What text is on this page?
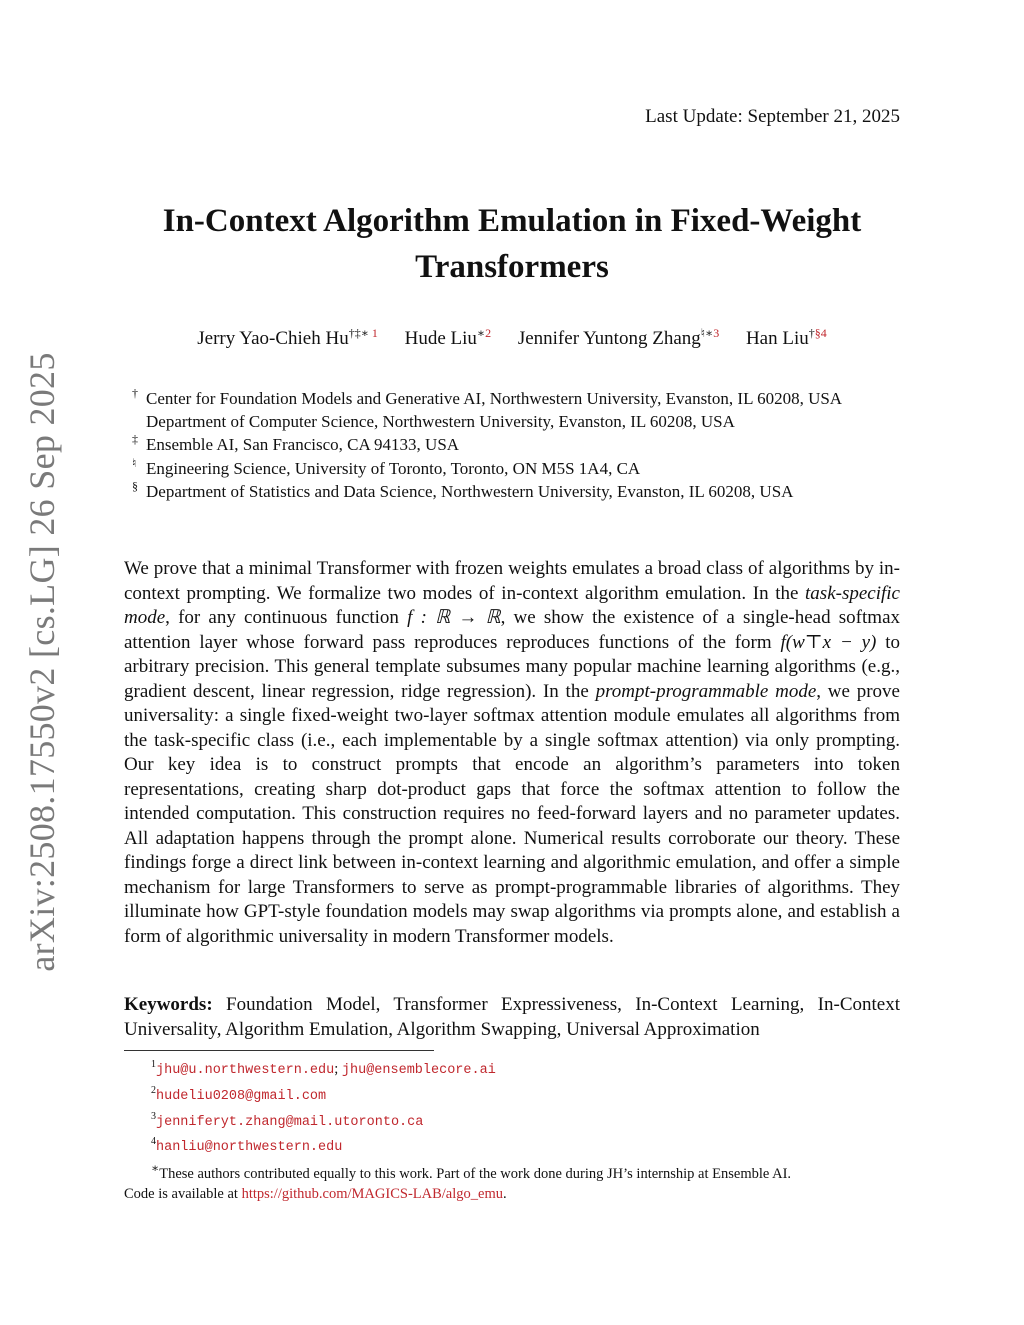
arXiv:2508.17550v2 [cs.LG] 26 Sep 2025
Last Update: September 21, 2025
In-Context Algorithm Emulation in Fixed-Weight
Transformers
Jerry Yao-Chieh Hu†‡∗ $^1$ Hude Liu$^{∗2}$ Jennifer Yuntong Zhang$^{♮∗3}$ Han Liu$^{\dagger\S 4}$
† Center for Foundation Models and Generative AI, Northwestern University, Evanston, IL 60208, USA
Department of Computer Science, Northwestern University, Evanston, IL 60208, USA
‡ Ensemble AI, San Francisco, CA 94133, USA
♮ Engineering Science, University of Toronto, Toronto, ON M5S 1A4, CA
§ Department of Statistics and Data Science, Northwestern University, Evanston, IL 60208, USA
We prove that a minimal Transformer with frozen weights emulates a broad class of algorithms by in-context prompting. We formalize two modes of in-context algorithm emulation. In the task-specific mode, for any continuous function f : ℝ → ℝ, we show the existence of a single-head softmax attention layer whose forward pass reproduces reproduces functions of the form f(w⊤x − y) to arbitrary precision. This general template subsumes many popular machine learning algorithms (e.g., gradient descent, linear regression, ridge regression). In the prompt-programmable mode, we prove universality: a single fixed-weight two-layer softmax attention module emulates all algorithms from the task-specific class (i.e., each implementable by a single softmax attention) via only prompting. Our key idea is to construct prompts that encode an algorithm’s parameters into token representations, creating sharp dot-product gaps that force the softmax attention to follow the intended computation. This construction requires no feed-forward layers and no parameter updates. All adaptation happens through the prompt alone. Numerical results corroborate our theory. These findings forge a direct link between in-context learning and algorithmic emulation, and offer a simple mechanism for large Transformers to serve as prompt-programmable libraries of algorithms. They illuminate how GPT-style foundation models may swap algorithms via prompts alone, and establish a form of algorithmic universality in modern Transformer models.
Keywords: Foundation Model, Transformer Expressiveness, In-Context Learning, In-Context Universality, Algorithm Emulation, Algorithm Swapping, Universal Approximation
$^1$jhu@u.northwestern.edu; jhu@ensemblecore.ai
$^2$hudeliu0208@gmail.com
$^3$jenniferyt.zhang@mail.utoronto.ca
$^4$hanliu@northwestern.edu
∗These authors contributed equally to this work. Part of the work done during JH’s internship at Ensemble AI.
Code is available at https://github.com/MAGICS-LAB/algo_emu.
